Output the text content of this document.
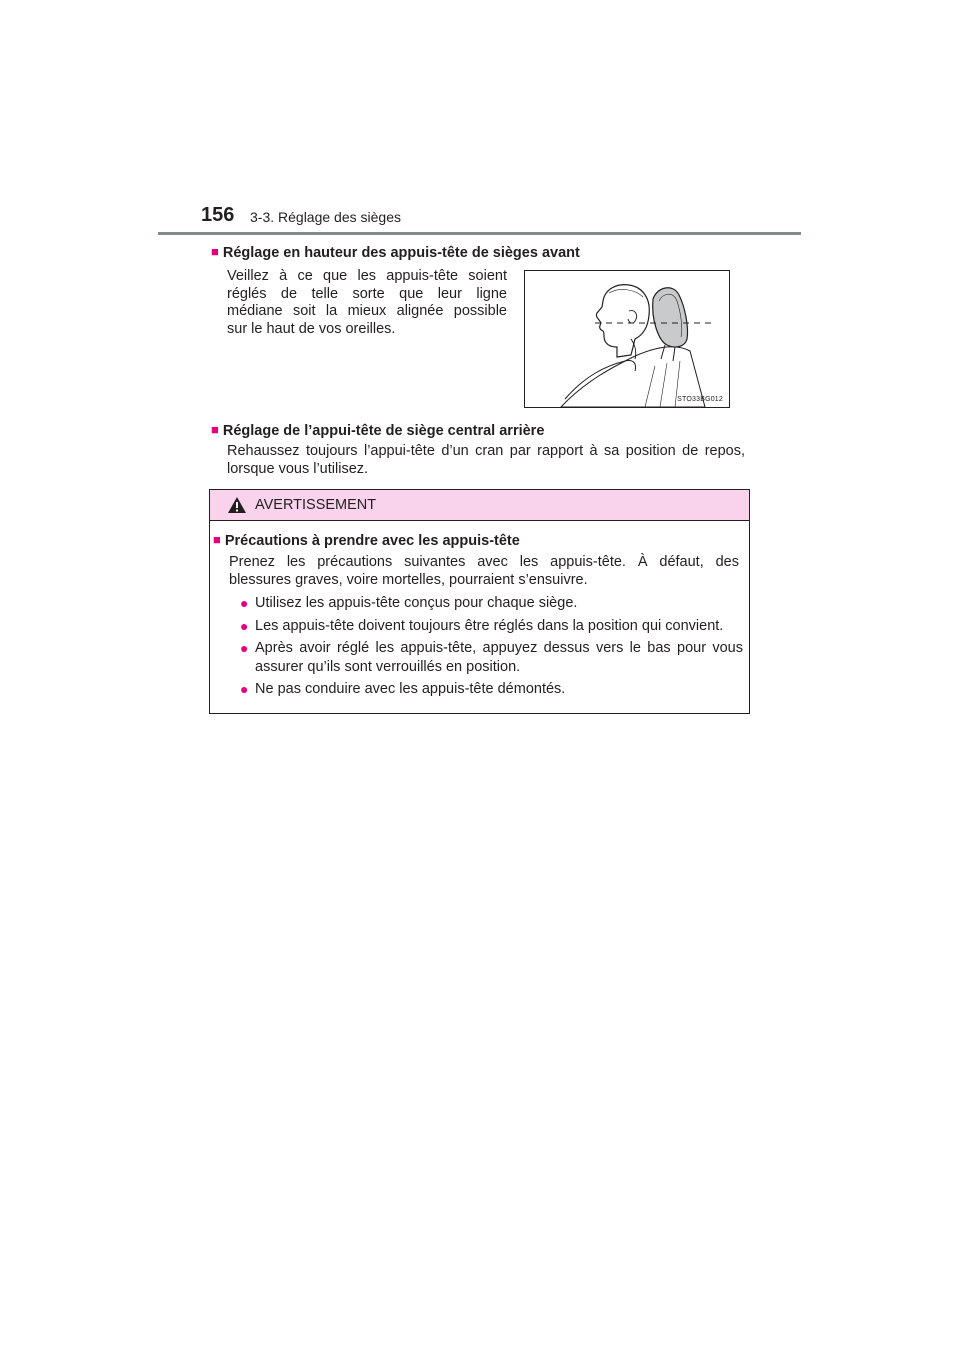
156 3-3. Réglage des sièges
■ Réglage en hauteur des appuis-tête de sièges avant
Veillez à ce que les appuis-tête soient
réglés de telle sorte que leur ligne
médiane soit la mieux alignée possible
sur le haut de vos oreilles.
STO33BG012
■ Réglage de l’appui-tête de siège central arrière
Rehaussez toujours l’appui-tête d’un cran par rapport à sa position de repos,
lorsque vous l’utilisez.
AVERTISSEMENT
■ Précautions à prendre avec les appuis-tête
Prenez les précautions suivantes avec les appuis-tête. À défaut, des
blessures graves, voire mortelles, pourraient s’ensuivre.
● Utilisez les appuis-tête conçus pour chaque siège.
● Les appuis-tête doivent toujours être réglés dans la position qui convient.
● Après avoir réglé les appuis-tête, appuyez dessus vers le bas pour vous
assurer qu’ils sont verrouillés en position.
● Ne pas conduire avec les appuis-tête démontés.
